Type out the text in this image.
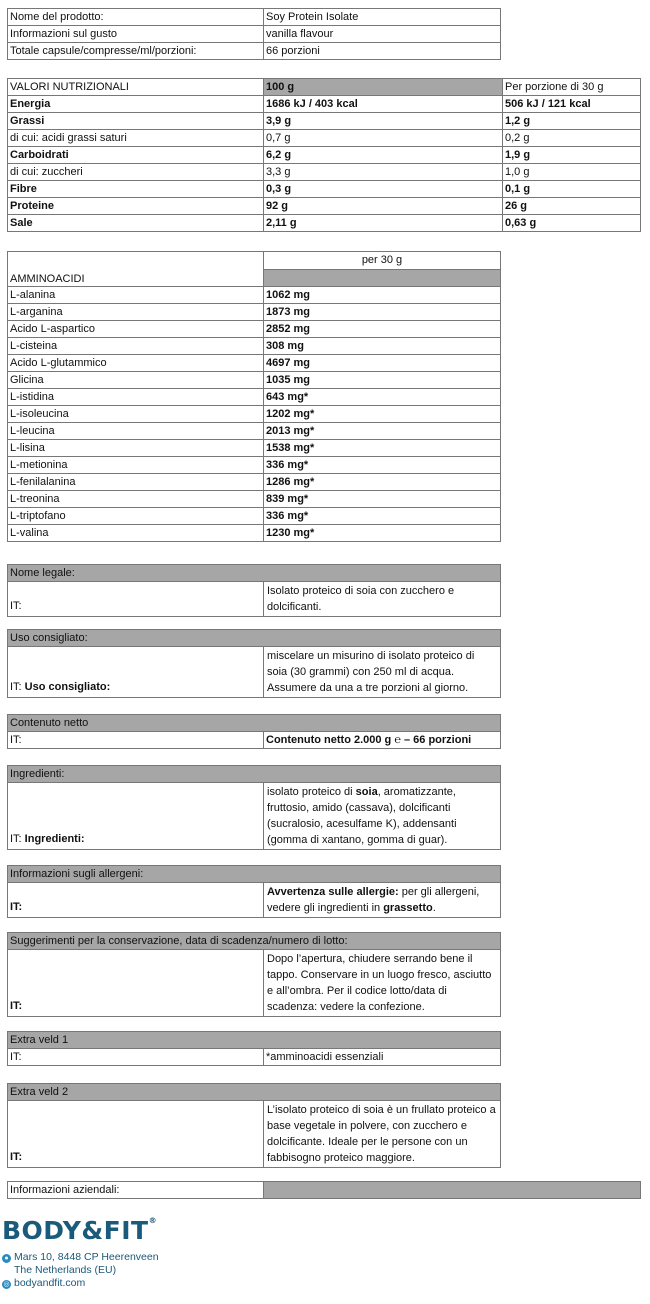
Nome del prodotto:	Soy Protein Isolate
Informazioni sul gusto	vanilla flavour
Totale capsule/compresse/ml/porzioni:	66 porzioni
VALORI NUTRIZIONALI	100 g	Per porzione di 30 g
Energia	1686 kJ / 403 kcal	506 kJ / 121 kcal
Grassi	3,9 g	1,2 g
di cui: acidi grassi saturi	0,7 g	0,2 g
Carboidrati	6,2 g	1,9 g
di cui: zuccheri	3,3 g	1,0 g
Fibre	0,3 g	0,1 g
Proteine	92 g	26 g
Sale	2,11 g	0,63 g
AMMINOACIDI	per 30 g

L-alanina	1062 mg
L-arganina	1873 mg
Acido L-aspartico	2852 mg
L-cisteina	308 mg
Acido L-glutammico	4697 mg
Glicina	1035 mg
L-istidina	643 mg*
L-isoleucina	1202 mg*
L-leucina	2013 mg*
L-lisina	1538 mg*
L-metionina	336 mg*
L-fenilalanina	1286 mg*
L-treonina	839 mg*
L-triptofano	336 mg*
L-valina	1230 mg*
Nome legale:
IT:	Isolato proteico di soia con zucchero e dolcificanti.
Uso consigliato:
IT: Uso consigliato:	miscelare un misurino di isolato proteico di soia (30 grammi) con 250 ml di acqua. Assumere da una a tre porzioni al giorno.
Contenuto netto
IT:	Contenuto netto 2.000 g ℮ – 66 porzioni
Ingredienti:
IT: Ingredienti:	isolato proteico di soia, aromatizzante, fruttosio, amido (cassava), dolcificanti (sucralosio, acesulfame K), addensanti (gomma di xantano, gomma di guar).
Informazioni sugli allergeni:
IT:	Avvertenza sulle allergie: per gli allergeni, vedere gli ingredienti in grassetto.
Suggerimenti per la conservazione, data di scadenza/numero di lotto:
IT:	Dopo l’apertura, chiudere serrando bene il tappo. Conservare in un luogo fresco, asciutto e all’ombra. Per il codice lotto/data di scadenza: vedere la confezione.
Extra veld 1
IT:	*amminoacidi essenziali
Extra veld 2
IT:	L’isolato proteico di soia è un frullato proteico a base vegetale in polvere, con zucchero e dolcificante. Ideale per le persone con un fabbisogno proteico maggiore.
Informazioni aziendali:	
BODY&FIT®
● Mars 10, 8448 CP Heerenveen
The Netherlands (EU)
◎ bodyandfit.com
